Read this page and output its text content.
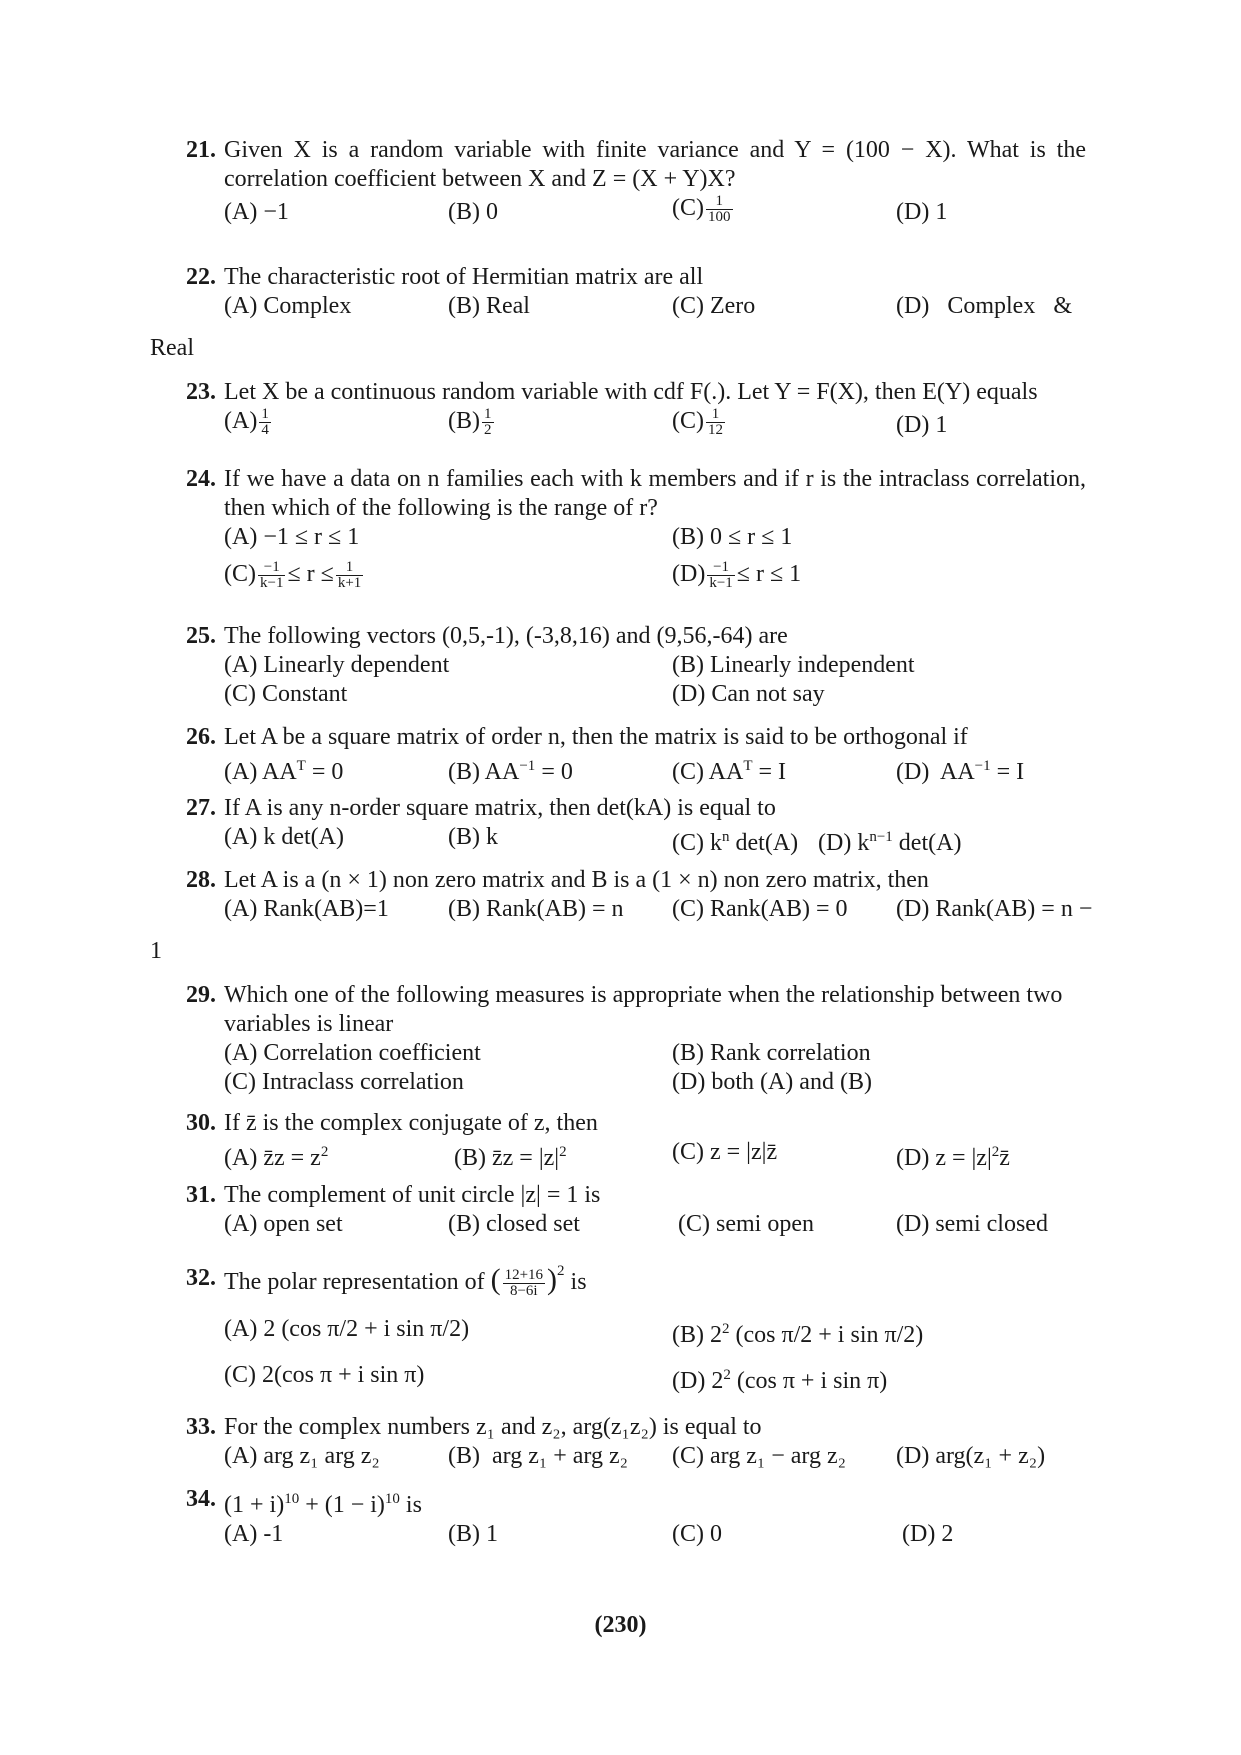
21. Given X is a random variable with finite variance and Y = (100 − X). What is the correlation coefficient between X and Z = (X + Y)X?
(A) −1	(B) 0	$(C) \frac{1}{100}$	(D) 1
22. The characteristic root of Hermitian matrix are all
(A) Complex	(B) Real	(C) Zero	(D)   Complex   &
Real
23. Let X be a continuous random variable with cdf F(.). Let Y = F(X), then E(Y) equals
$(A) \frac{1}{4}$	$(B) \frac{1}{2}$	$(C) \frac{1}{12}$	(D) 1
24. If we have a data on n families each with k members and if r is the intraclass correlation, then which of the following is the range of r?
(A) −1 ≤ r ≤ 1	(B) 0 ≤ r ≤ 1
$(C) \frac{-1}{k-1} \le r \le \frac{1}{k+1}$	$(D) \frac{-1}{k-1} \le r \le 1$
25. The following vectors (0,5,-1), (-3,8,16) and (9,56,-64) are
(A) Linearly dependent	(B) Linearly independent
(C) Constant	(D) Can not say
26. Let A be a square matrix of order n, then the matrix is said to be orthogonal if
(A) $AA^T = 0$	(B) $AA^{-1} = 0$	(C) $AA^T = I$	(D)  $AA^{-1} = I$
27. If A is any n-order square matrix, then det(kA) is equal to
(A) k det(A)	(B) k	(C) $k^n$ det(A) (D) $k^{n-1}$ det(A)
28. Let A is a (n × 1) non zero matrix and B is a (1 × n) non zero matrix, then
(A) Rank(AB)=1 (B) Rank(AB) = n (C) Rank(AB) = 0 (D) Rank(AB) = n −
1
29. Which one of the following measures is appropriate when the relationship between two variables is linear
(A) Correlation coefficient	(B) Rank correlation
(C) Intraclass correlation	(D) both (A) and (B)
30. If z̄ is the complex conjugate of z, then
(A) z̄z = $z^2$	(B) z̄z = $|z|^2$	(C) z = |z|z̄	(D) $z = |z|^2z̄$
31. The complement of unit circle |z| = 1 is
(A) open set	(B) closed set	(C) semi open	(D) semi closed
32. The polar representation of ( $\frac{12+16}{8-6i} )^2$ is
(A) 2 (cos π/2 + i sin π/2)	(B) $2^2$ (cos π/2 + i sin π/2)
(C) 2(cos π + i sin π)	(D) $2^2$ (cos π + i sin π)
33. For the complex numbers z₁ and z₂, arg(z₁z₂) is equal to
(A) arg z₁ arg z₂	(B)  arg z₁ + arg z₂ (C) arg z₁ − arg z₂ (D) arg(z₁ + z₂)
34. $(1 + i)^{10} + (1 - i)^{10}$ is
(A) -1	(B) 1	(C) 0	(D) 2
(230)
